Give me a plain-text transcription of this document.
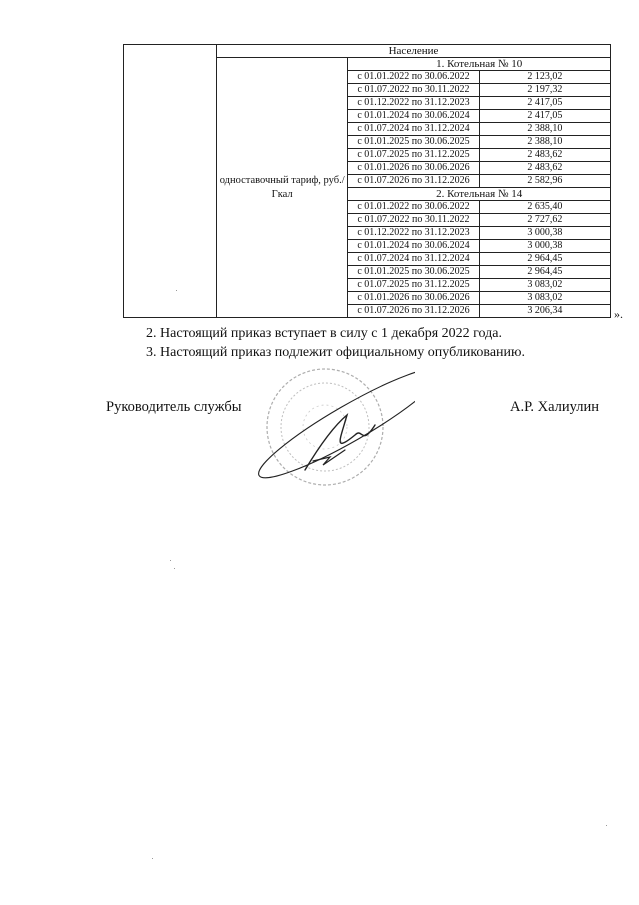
	Население		
	одноставочный тариф, руб./Гкал	1. Котельная № 10	
		с 01.01.2022 по 30.06.2022	2 123,02
		с 01.07.2022 по 30.11.2022	2 197,32
		с 01.12.2022 по 31.12.2023	2 417,05
		с 01.01.2024 по 30.06.2024	2 417,05
		с 01.07.2024 по 31.12.2024	2 388,10
		с 01.01.2025 по 30.06.2025	2 388,10
		с 01.07.2025 по 31.12.2025	2 483,62
		с 01.01.2026 по 30.06.2026	2 483,62
		с 01.07.2026 по 31.12.2026	2 582,96
		2. Котельная № 14	
		с 01.01.2022 по 30.06.2022	2 635,40
		с 01.07.2022 по 30.11.2022	2 727,62
		с 01.12.2022 по 31.12.2023	3 000,38
		с 01.01.2024 по 30.06.2024	3 000,38
		с 01.07.2024 по 31.12.2024	2 964,45
		с 01.01.2025 по 30.06.2025	2 964,45
		с 01.07.2025 по 31.12.2025	3 083,02
		с 01.01.2026 по 30.06.2026	3 083,02
		с 01.07.2026 по 31.12.2026	3 206,34	».
2. Настоящий приказ вступает в силу с 1 декабря 2022 года.
3. Настоящий приказ подлежит официальному опубликованию.
Руководитель службы	А.Р. Халиулин
